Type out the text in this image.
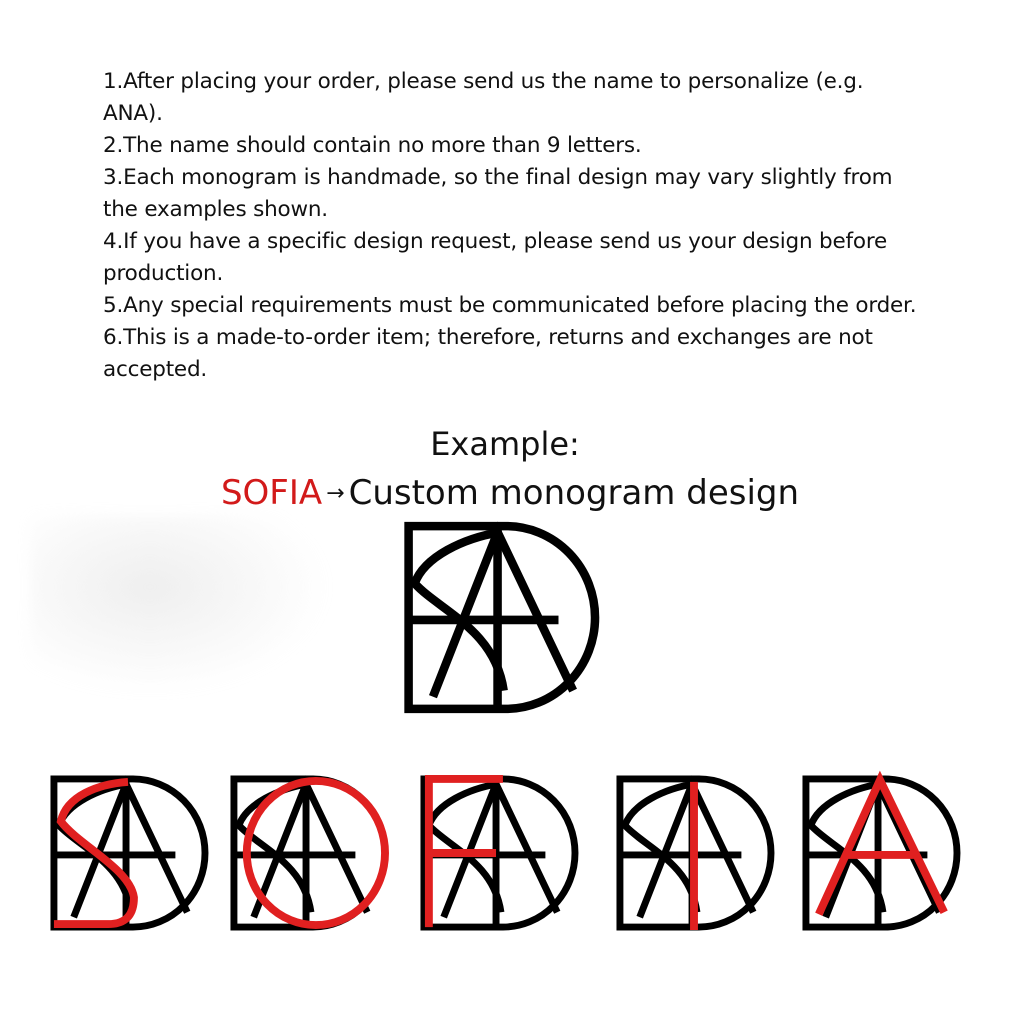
1.After placing your order, please send us the name to personalize (e.g. ANA).

2.The name should contain no more than 9 letters.

3.Each monogram is handmade, so the final design may vary slightly from the examples shown.

4.If you have a specific design request, please send us your design before production.

5.Any special requirements must be communicated before placing the order.

6.This is a made-to-order item; therefore, returns and exchanges are not accepted.

Example:
SOFIA → Custom monogram design
